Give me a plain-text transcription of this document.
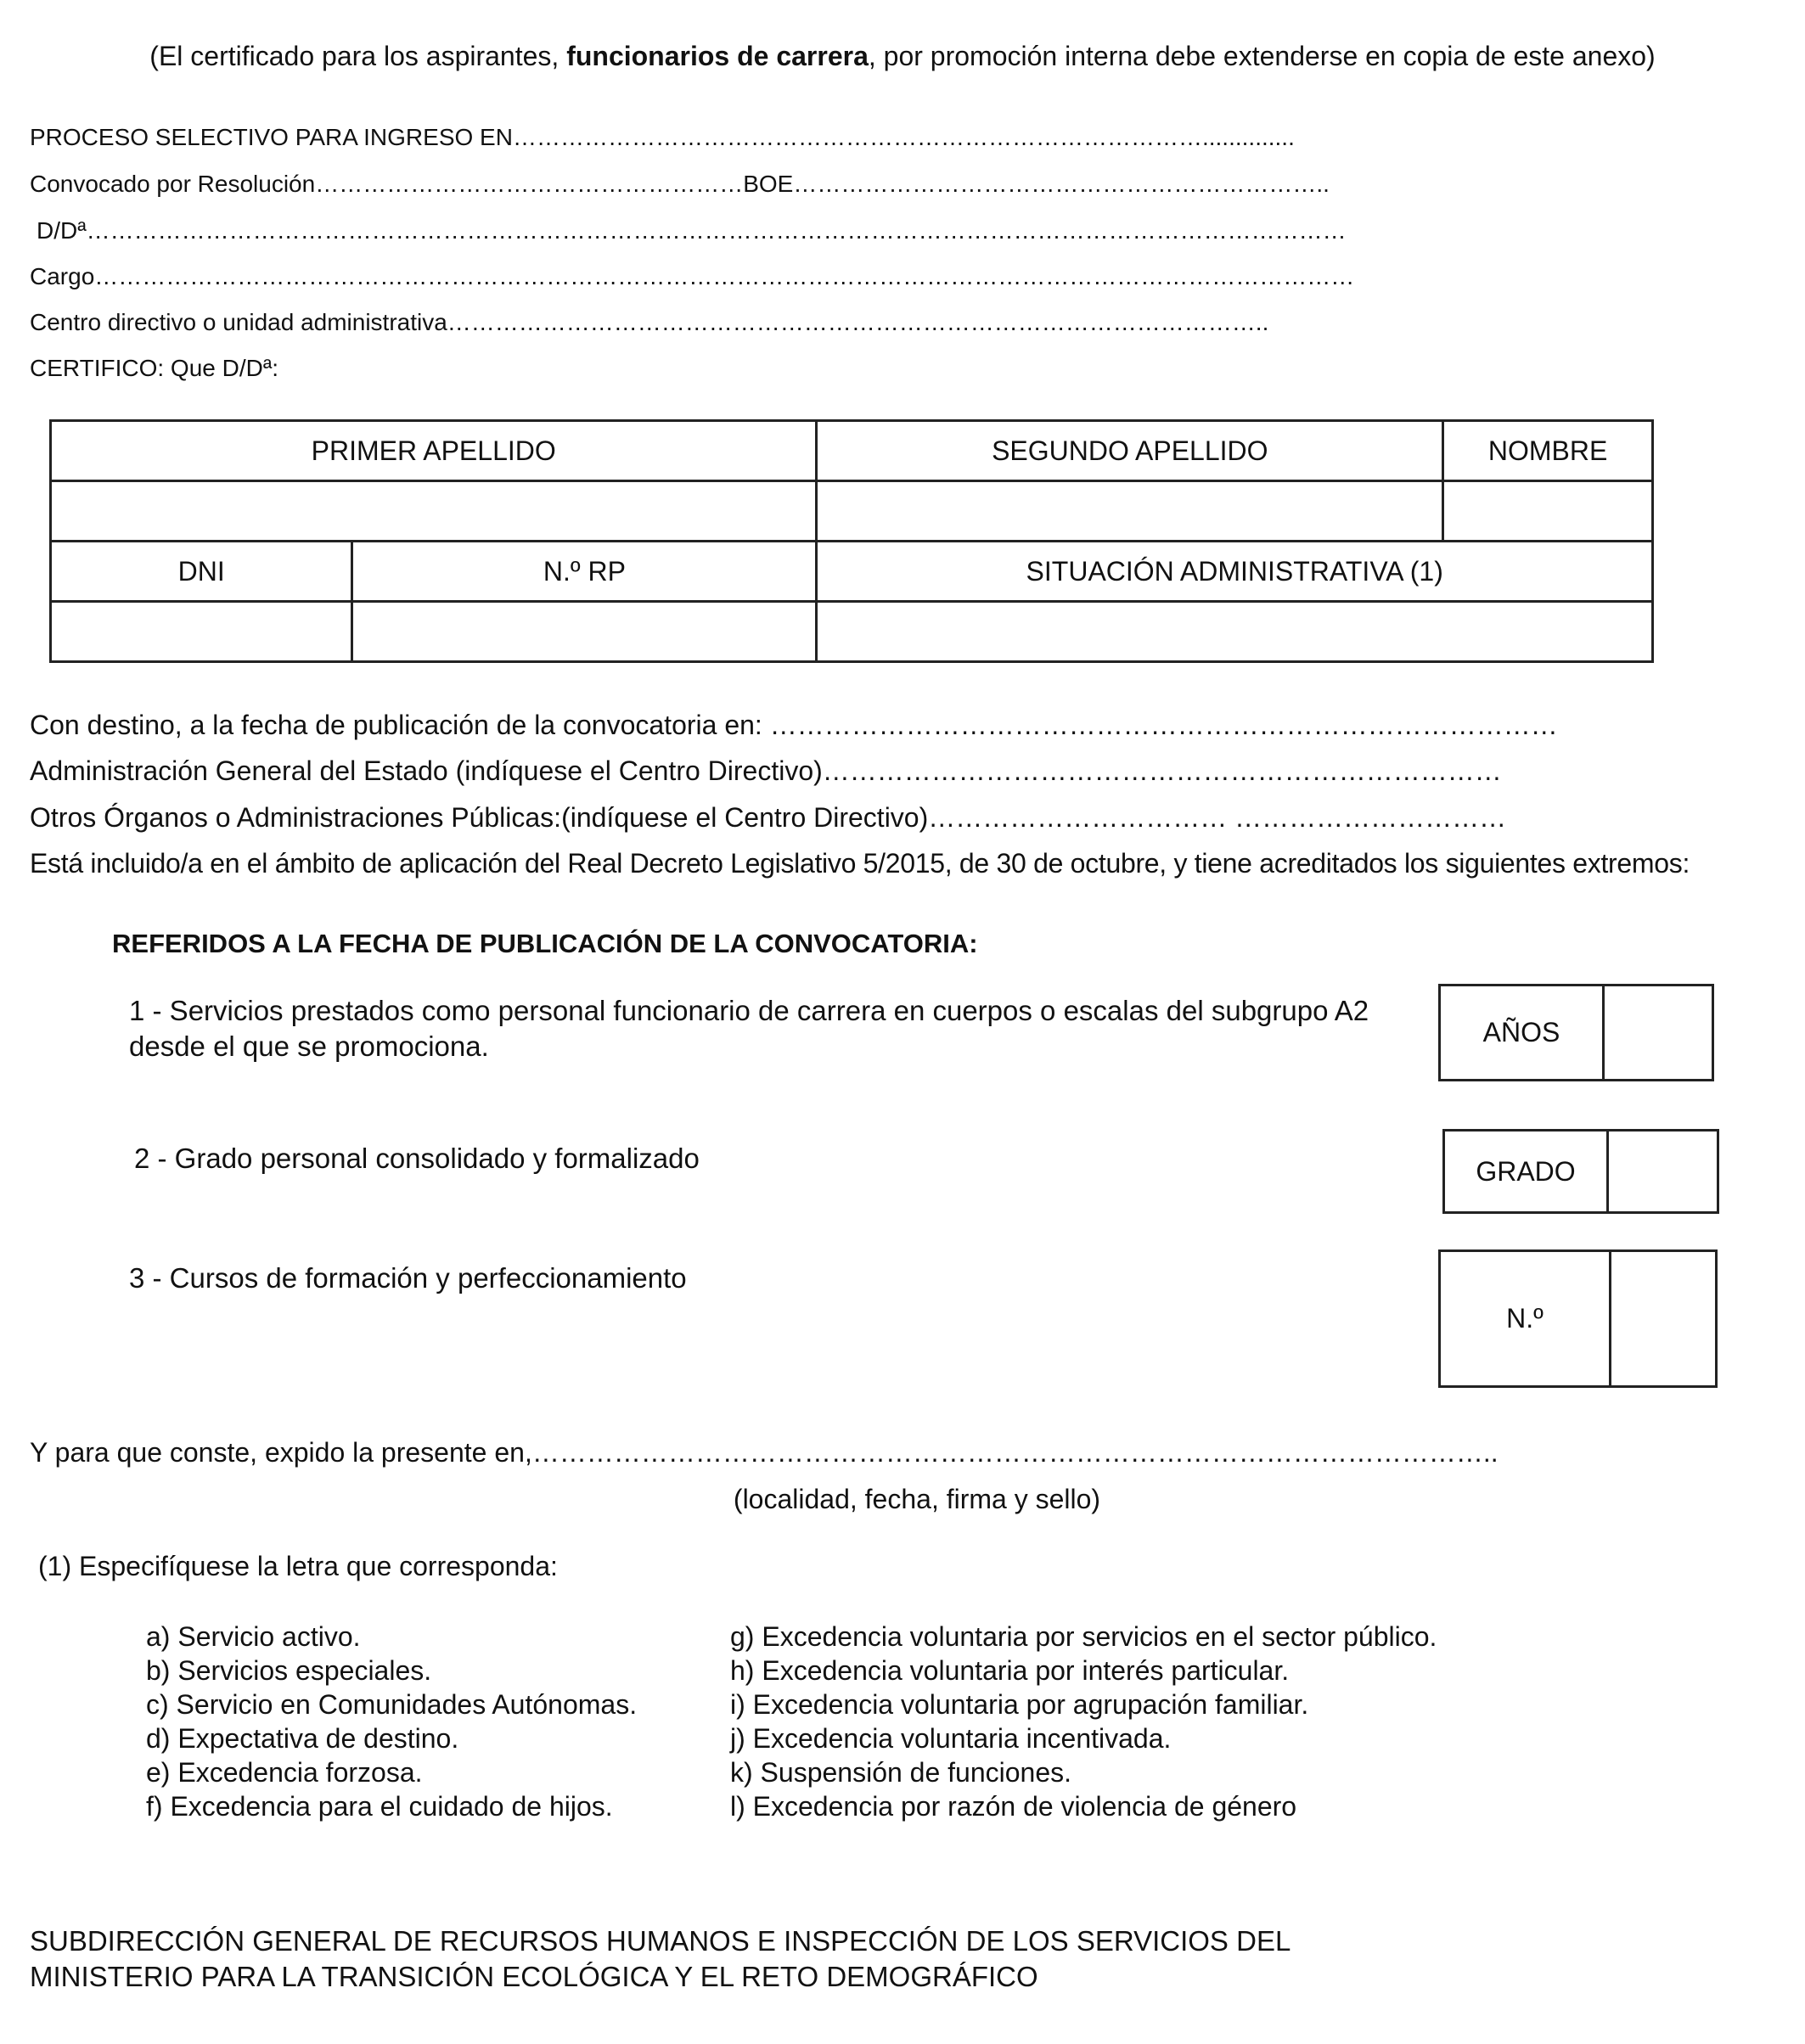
(El certificado para los aspirantes, funcionarios de carrera, por promoción interna debe extenderse en copia de este anexo)
PROCESO SELECTIVO PARA INGRESO EN……………………………………………………………………………..............
Convocado por Resolución………………………………………………BOE…………………………………………………………..
D/Dª……………………………………………………………………………………………………………………………………………
Cargo……………………………………………………………………………………………………………………………………………
Centro directivo o unidad administrativa…………………………………………………………………………………………..
CERTIFICO: Que D/Dª:
PRIMER APELLIDO		SEGUNDO APELLIDO	NOMBRE

DNI	N.º RP	SITUACIÓN ADMINISTRATIVA (1)	

Con destino, a la fecha de publicación de la convocatoria en: ……………………………………………………………………………
Administración General del Estado (indíquese el Centro Directivo)…………………………………………………………………
Otros Órganos o Administraciones Públicas:(indíquese el Centro Directivo)…………………………… …………………………
Está incluido/a en el ámbito de aplicación del Real Decreto Legislativo 5/2015, de 30 de octubre, y tiene acreditados los siguientes extremos:
REFERIDOS A LA FECHA DE PUBLICACIÓN DE LA CONVOCATORIA:
1 - Servicios prestados como personal funcionario de carrera en cuerpos o escalas del subgrupo A2 desde el que se promociona.	AÑOS
2 - Grado personal consolidado y formalizado	GRADO
3 - Cursos de formación y perfeccionamiento
N.º
Y para que conste, expido la presente en,……………………………………………………………………………………………..
(localidad, fecha, firma y sello)
(1) Especifíquese la letra que corresponda:
a) Servicio activo.
b) Servicios especiales.
c) Servicio en Comunidades Autónomas.
d) Expectativa de destino.
e) Excedencia forzosa.
f) Excedencia para el cuidado de hijos.
g) Excedencia voluntaria por servicios en el sector público.
h) Excedencia voluntaria por interés particular.
i) Excedencia voluntaria por agrupación familiar.
j) Excedencia voluntaria incentivada.
k) Suspensión de funciones.
l) Excedencia por razón de violencia de género
SUBDIRECCIÓN GENERAL DE RECURSOS HUMANOS E INSPECCIÓN DE LOS SERVICIOS DEL
MINISTERIO PARA LA TRANSICIÓN ECOLÓGICA Y EL RETO DEMOGRÁFICO
